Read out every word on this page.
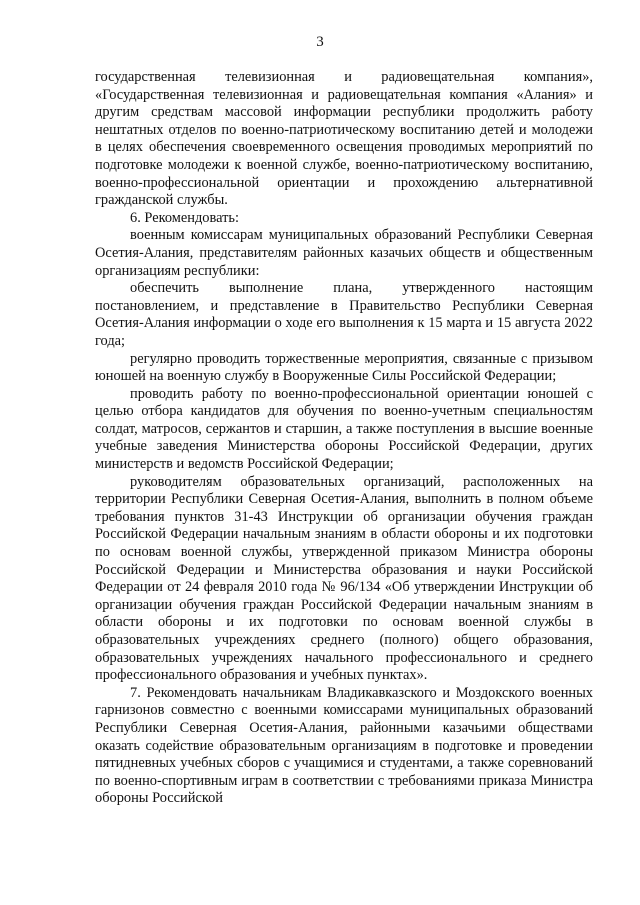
3

государственная телевизионная и радиовещательная компания», «Государственная телевизионная и радиовещательная компания «Алания» и другим средствам массовой информации республики продолжить работу нештатных отделов по военно-патриотическому воспитанию детей и молодежи в целях обеспечения своевременного освещения проводимых мероприятий по подготовке молодежи к военной службе, военно-патриотическому воспитанию, военно-профессиональной ориентации и прохождению альтернативной гражданской службы.

6. Рекомендовать:

военным комиссарам муниципальных образований Республики Северная Осетия-Алания, представителям районных казачьих обществ и общественным организациям республики:

обеспечить выполнение плана, утвержденного настоящим постановлением, и представление в Правительство Республики Северная Осетия-Алания информации о ходе его выполнения к 15 марта и 15 августа 2022 года;

регулярно проводить торжественные мероприятия, связанные с призывом юношей на военную службу в Вооруженные Силы Российской Федерации;

проводить работу по военно-профессиональной ориентации юношей с целью отбора кандидатов для обучения по военно-учетным специальностям солдат, матросов, сержантов и старшин, а также поступления в высшие военные учебные заведения Министерства обороны Российской Федерации, других министерств и ведомств Российской Федерации;

руководителям образовательных организаций, расположенных на территории Республики Северная Осетия-Алания, выполнить в полном объеме требования пунктов 31-43 Инструкции об организации обучения граждан Российской Федерации начальным знаниям в области обороны и их подготовки по основам военной службы, утвержденной приказом Министра обороны Российской Федерации и Министерства образования и науки Российской Федерации от 24 февраля 2010 года № 96/134 «Об утверждении Инструкции об организации обучения граждан Российской Федерации начальным знаниям в области обороны и их подготовки по основам военной службы в образовательных учреждениях среднего (полного) общего образования, образовательных учреждениях начального профессионального и среднего профессионального образования и учебных пунктах».

7. Рекомендовать начальникам Владикавказского и Моздокского военных гарнизонов совместно с военными комиссарами муниципальных образований Республики Северная Осетия-Алания, районными казачьими обществами оказать содействие образовательным организациям в подготовке и проведении пятидневных учебных сборов с учащимися и студентами, а также соревнований по военно-спортивным играм в соответствии с требованиями приказа Министра обороны Российской
